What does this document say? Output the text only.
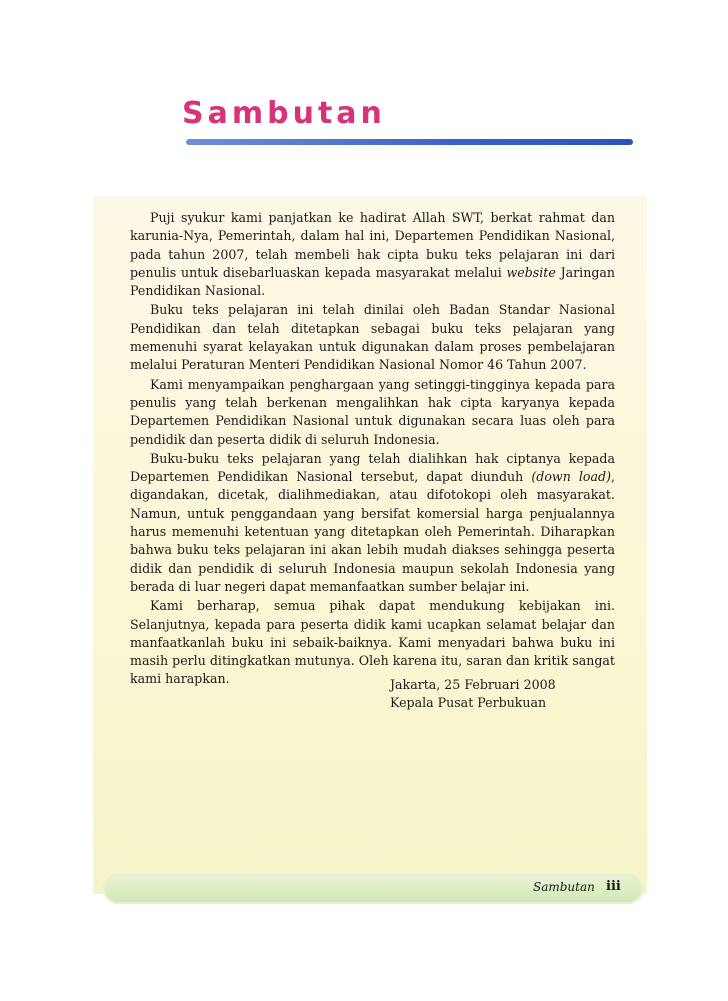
Sambutan

Puji syukur kami panjatkan ke hadirat Allah SWT, berkat rahmat dan karunia-Nya, Pemerintah, dalam hal ini, Departemen Pendidikan Nasional, pada tahun 2007, telah membeli hak cipta buku teks pelajaran ini dari penulis untuk disebarluaskan kepada masyarakat melalui website Jaringan Pendidikan Nasional.

Buku teks pelajaran ini telah dinilai oleh Badan Standar Nasional Pendidikan dan telah ditetapkan sebagai buku teks pelajaran yang memenuhi syarat kelayakan untuk digunakan dalam proses pembelajaran melalui Peraturan Menteri Pendidikan Nasional Nomor 46 Tahun 2007.

Kami menyampaikan penghargaan yang setinggi-tingginya kepada para penulis yang telah berkenan mengalihkan hak cipta karyanya kepada Departemen Pendidikan Nasional untuk digunakan secara luas oleh para pendidik dan peserta didik di seluruh Indonesia.

Buku-buku teks pelajaran yang telah dialihkan hak ciptanya kepada Departemen Pendidikan Nasional tersebut, dapat diunduh (down load), digandakan, dicetak, dialihmediakan, atau difotokopi oleh masyarakat. Namun, untuk penggandaan yang bersifat komersial harga penjualannya harus memenuhi ketentuan yang ditetapkan oleh Pemerintah. Diharapkan bahwa buku teks pelajaran ini akan lebih mudah diakses sehingga peserta didik dan pendidik di seluruh Indonesia maupun sekolah Indonesia yang berada di luar negeri dapat memanfaatkan sumber belajar ini.

Kami berharap, semua pihak dapat mendukung kebijakan ini. Selanjutnya, kepada para peserta didik kami ucapkan selamat belajar dan manfaatkanlah buku ini sebaik-baiknya. Kami menyadari bahwa buku ini masih perlu ditingkatkan mutunya. Oleh karena itu, saran dan kritik sangat kami harapkan.	Jakarta, 25 Februari 2008
Kepala Pusat Perbukuan
Sambutan iii
